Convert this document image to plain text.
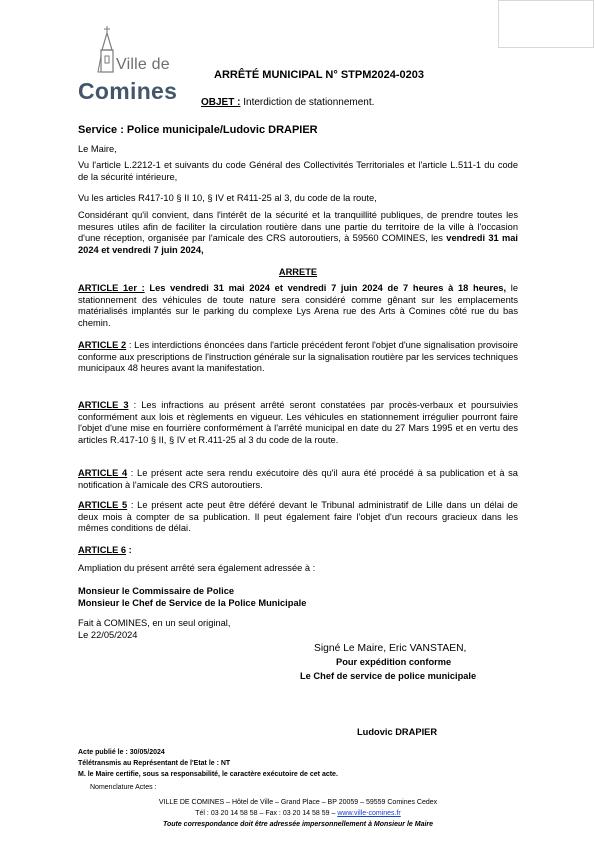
Ville de
Comines
ARRÊTÉ MUNICIPAL N° STPM2024-0203
OBJET : Interdiction de stationnement.
Service : Police municipale/Ludovic DRAPIER
Le Maire,
Vu l'article L.2212-1 et suivants du code Général des Collectivités Territoriales et l'article L.511-1 du code de la sécurité intérieure,
Vu les articles R417-10 § II 10, § IV et R411-25 al 3, du code de la route,
Considérant qu'il convient, dans l'intérêt de la sécurité et la tranquillité publiques, de prendre toutes les mesures utiles afin de faciliter la circulation routière dans une partie du territoire de la ville à l'occasion d'une réception, organisée par l'amicale des CRS autoroutiers, à 59560 COMINES, les vendredi 31 mai 2024 et vendredi 7 juin 2024,
ARRETE
ARTICLE 1er : Les vendredi 31 mai 2024 et vendredi 7 juin 2024 de 7 heures à 18 heures, le stationnement des véhicules de toute nature sera considéré comme gênant sur les emplacements matérialisés implantés sur le parking du complexe Lys Arena rue des Arts à Comines côté rue du bas chemin.
ARTICLE 2 : Les interdictions énoncées dans l'article précédent feront l'objet d'une signalisation provisoire conforme aux prescriptions de l'instruction générale sur la signalisation routière par les services techniques municipaux 48 heures avant la manifestation.
ARTICLE 3 : Les infractions au présent arrêté seront constatées par procès-verbaux et poursuivies conformément aux lois et règlements en vigueur. Les véhicules en stationnement irrégulier pourront faire l'objet d'une mise en fourrière conformément à l'arrêté municipal en date du 27 Mars 1995 et en vertu des articles R.417-10 § II, § IV et R.411-25 al 3 du code de la route.
ARTICLE 4 : Le présent acte sera rendu exécutoire dès qu'il aura été procédé à sa publication et à sa notification à l'amicale des CRS autoroutiers.
ARTICLE 5 : Le présent acte peut être déféré devant le Tribunal administratif de Lille dans un délai de deux mois à compter de sa publication. Il peut également faire l'objet d'un recours gracieux dans les mêmes conditions de délai.
ARTICLE 6 :
Ampliation du présent arrêté sera également adressée à :
Monsieur le Commissaire de Police
Monsieur le Chef de Service de la Police Municipale
Fait à COMINES, en un seul original,
Le 22/05/2024
Signé Le Maire, Eric VANSTAEN,
Pour expédition conforme
Le Chef de service de police municipale
Ludovic DRAPIER
Acte publié le : 30/05/2024
Télétransmis au Représentant de l'Etat le : NT
M. le Maire certifie, sous sa responsabilité, le caractère exécutoire de cet acte.
Nomenclature Actes :
VILLE DE COMINES – Hôtel de Ville – Grand Place – BP 20059 – 59559 Comines Cedex
Tél : 03 20 14 58 58 – Fax : 03 20 14 58 59 – www.ville-comines.fr
Toute correspondance doit être adressée impersonnellement à Monsieur le Maire
